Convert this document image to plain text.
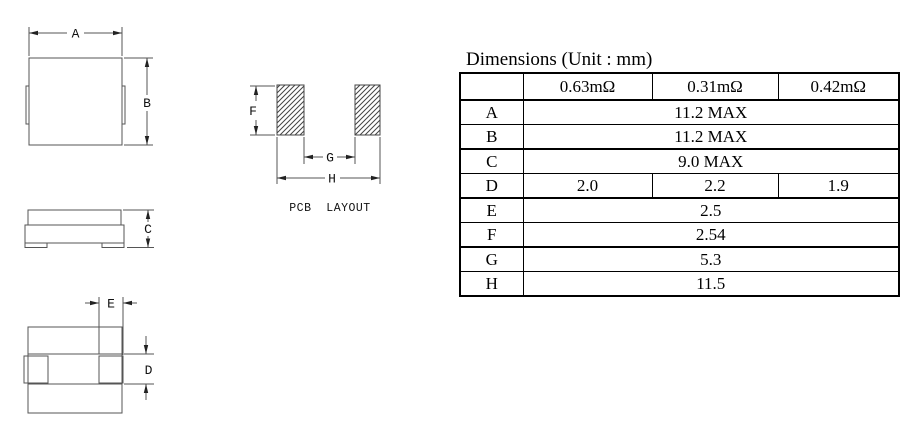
A
B
C
E
D
F
G
H
PCB  LAYOUT
Dimensions (Unit : mm)
	0.63mΩ	0.31mΩ	0.42mΩ
A	11.2 MAX		
B	11.2 MAX		
C	9.0 MAX		
D	2.0	2.2	1.9
E	2.5		
F	2.54		
G	5.3		
H	11.5		
